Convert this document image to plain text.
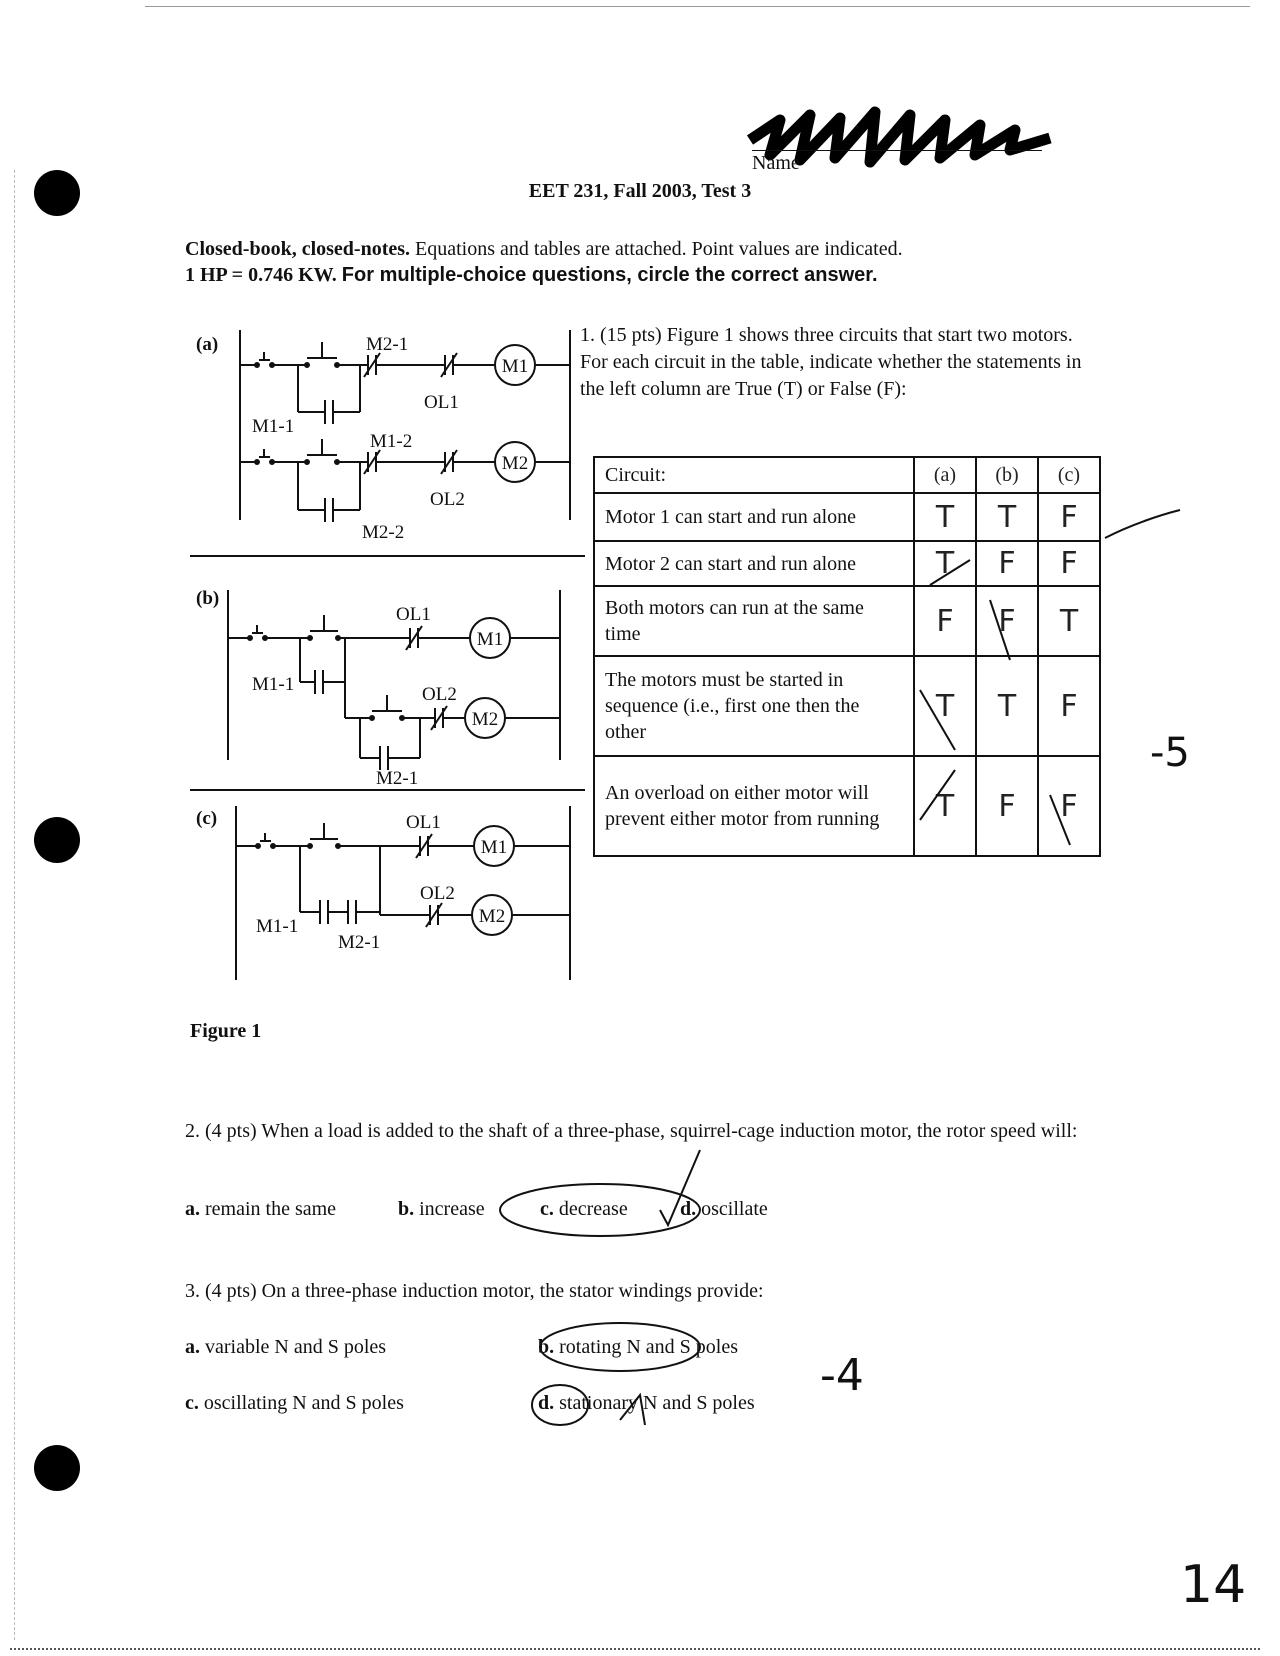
Name
EET 231, Fall 2003, Test 3
Closed-book, closed-notes. Equations and tables are attached. Point values are indicated.
1 HP = 0.746 KW. For multiple-choice questions, circle the correct answer.
(a)	M2-1
OL1
M1
M1-1
M1-2
OL2
M2
M2-2
(b)
OL1
M1
M1-1	OL2
M2
M2-1
(c)	OL1
M1
M1-1
M2-1
OL2
M2
Figure 1
1. (15 pts) Figure 1 shows three circuits that start two motors. For each circuit in the table, indicate whether the statements in the left column are True (T) or False (F):
Circuit:	(a)	(b)	(c)
Motor 1 can start and run alone	T	T	F
Motor 2 can start and run alone	T	F	F
Both motors can run at the same time	F	F	T
The motors must be started in sequence (i.e., first one then the other	T	T	F
An overload on either motor will prevent either motor from running	T	F	F
-5
2. (4 pts) When a load is added to the shaft of a three-phase, squirrel-cage induction motor, the rotor speed will:
a. remain the same	b. increase	c. decrease	d. oscillate
3. (4 pts) On a three-phase induction motor, the stator windings provide:
a. variable N and S poles	b. rotating N and S poles
c. oscillating N and S poles	d. stationary N and S poles
-4
14
